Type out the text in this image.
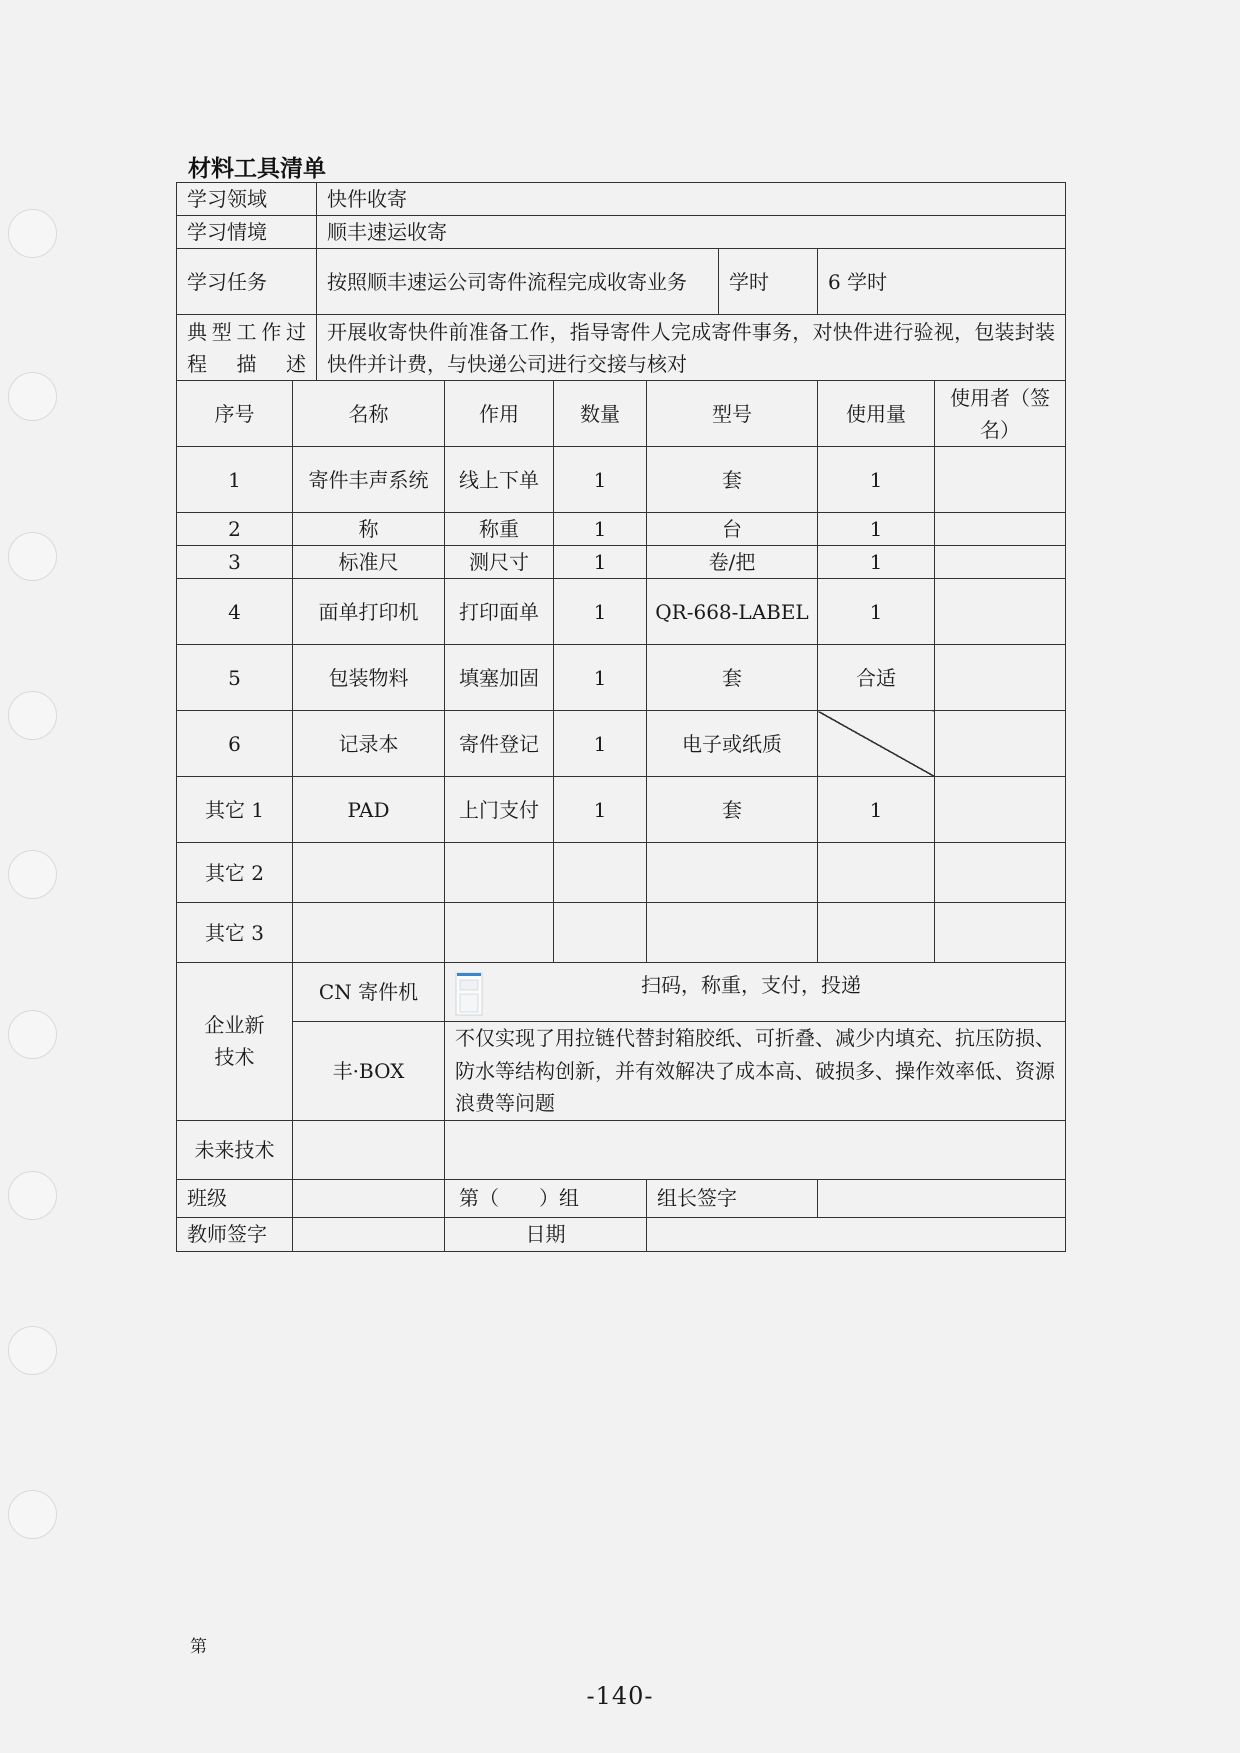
材料工具清单
学习领域		快件收寄						
学习情境		顺丰速运收寄						
学习任务		按照顺丰速运公司寄件流程完成收寄业务				学时	6 学时	
典型工作过程描述		开展收寄快件前准备工作，指导寄件人完成寄件事务，对快件进行验视，包装封装快件并计费，与快递公司进行交接与核对						
序号	名称		作用	数量	型号		使用量	使用者（签名）
1	寄件丰声系统		线上下单	1	套		1	
2	称		称重	1	台		1	
3	标准尺		测尺寸	1	卷/把		1	
4	面单打印机		打印面单	1	QR-668-LABEL		1	
5	包装物料		填塞加固	1	套		合适	
6	记录本		寄件登记	1	电子或纸质			
其它 1	PAD		上门支付	1	套		1	
其它 2								
其它 3								

企业新技术	CN 寄件机		扫码，称重，支付，投递					
	丰·BOX		不仅实现了用拉链代替封箱胶纸、可折叠、减少内填充、抗压防损、防水等结构创新，并有效解决了成本高、破损多、操作效率低、资源浪费等问题					
未来技术								
班级			第（　　）组		组长签字			
教师签字			日期					
第
-140-
